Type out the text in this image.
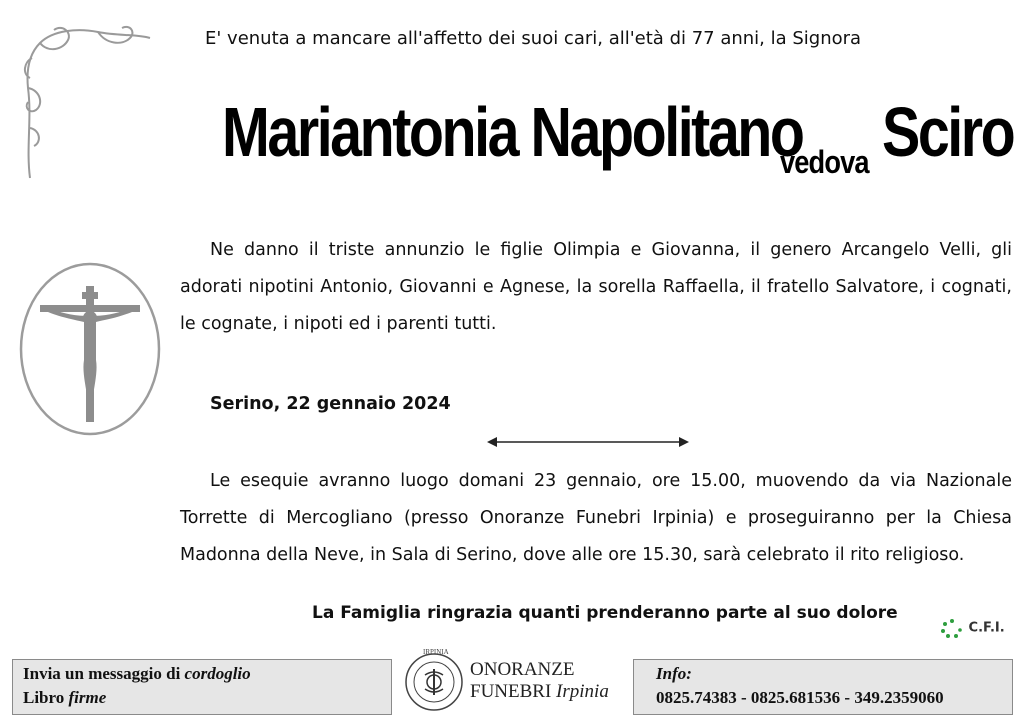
E' venuta a mancare all'affetto dei suoi cari, all'età di 77 anni, la Signora
Mariantonia Napolitano
vedova Sciro
Ne danno il triste annunzio le figlie Olimpia e Giovanna, il genero Arcangelo Velli, gli adorati nipotini Antonio, Giovanni e Agnese, la sorella Raffaella, il fratello Salvatore, i cognati, le cognate, i nipoti ed i parenti tutti.
Serino, 22 gennaio 2024
Le esequie avranno luogo domani 23 gennaio, ore 15.00, muovendo da via Nazionale Torrette di Mercogliano (presso Onoranze Funebri Irpinia) e proseguiranno per la Chiesa Madonna della Neve, in Sala di Serino, dove alle ore 15.30, sarà celebrato il rito religioso.
La Famiglia ringrazia quanti prenderanno parte al suo dolore
C.F.I.
Invia un messaggio di cordoglio
Libro firme
IRPINIA
ONORANZE
FUNEBRI Irpinia
Info:
0825.74383 - 0825.681536 - 349.2359060
